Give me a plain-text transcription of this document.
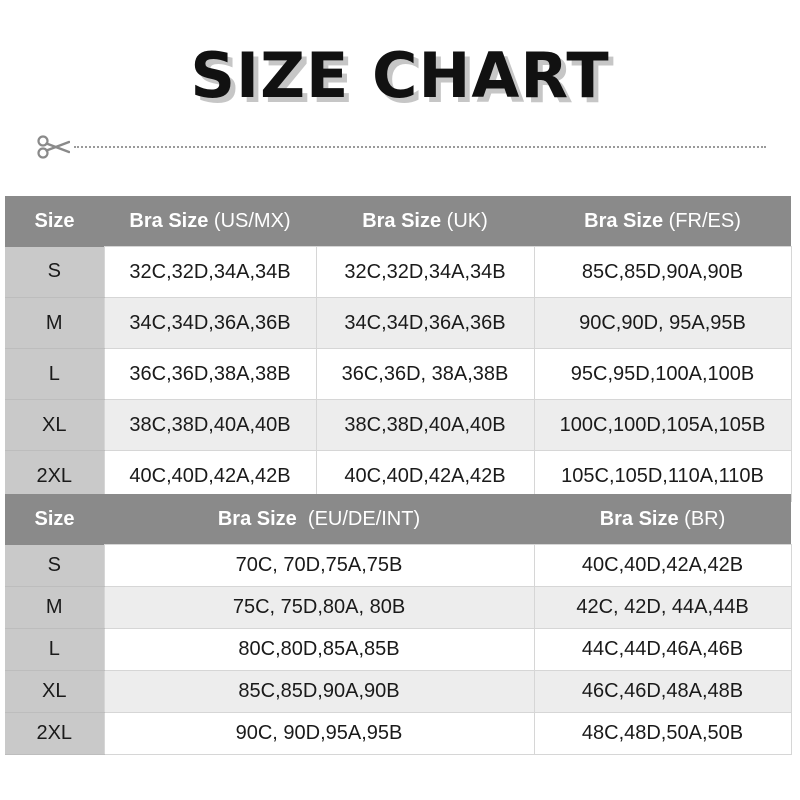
SIZE CHART
Size	Bra Size (US/MX)	Bra Size (UK)	Bra Size (FR/ES)
S	32C,32D,34A,34B	32C,32D,34A,34B	85C,85D,90A,90B
M	34C,34D,36A,36B	34C,34D,36A,36B	90C,90D, 95A,95B
L	36C,36D,38A,38B	36C,36D, 38A,38B	95C,95D,100A,100B
XL	38C,38D,40A,40B	38C,38D,40A,40B	100C,100D,105A,105B
2XL	40C,40D,42A,42B	40C,40D,42A,42B	105C,105D,110A,110B
Size	Bra Size  (EU/DE/INT)	Bra Size (BR)
S	70C, 70D,75A,75B	40C,40D,42A,42B
M	75C, 75D,80A, 80B	42C, 42D, 44A,44B
L	80C,80D,85A,85B	44C,44D,46A,46B
XL	85C,85D,90A,90B	46C,46D,48A,48B
2XL	90C, 90D,95A,95B	48C,48D,50A,50B
